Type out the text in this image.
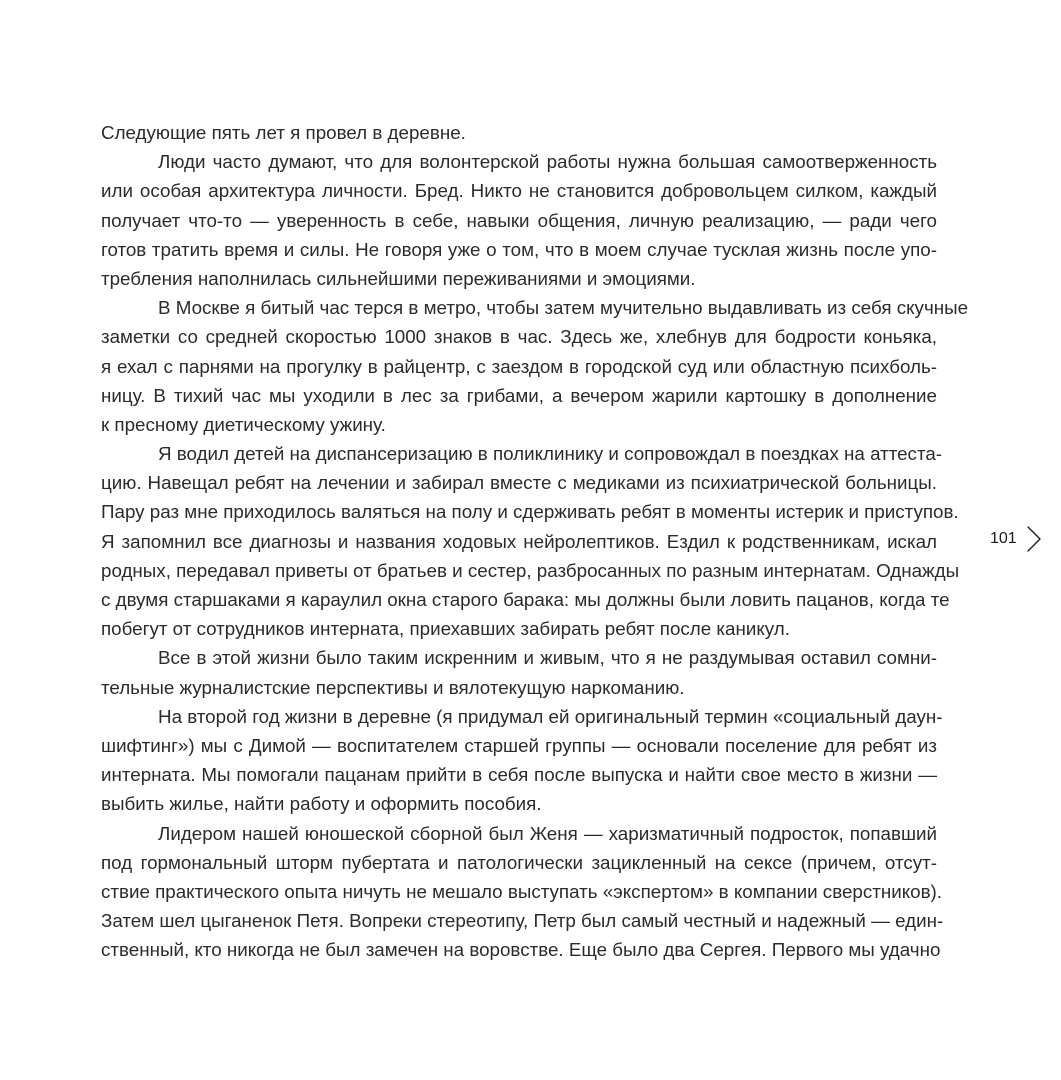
Следующие пять лет я провел в деревне.
Люди часто думают, что для волонтерской работы нужна большая самоотверженность
или особая архитектура личности. Бред. Никто не становится добровольцем силком, каждый
получает что-то — уверенность в себе, навыки общения, личную реализацию, — ради чего
готов тратить время и силы. Не говоря уже о том, что в моем случае тусклая жизнь после упо-
требления наполнилась сильнейшими переживаниями и эмоциями.
В Москве я битый час терся в метро, чтобы затем мучительно выдавливать из себя скучные
заметки со средней скоростью 1000 знаков в час. Здесь же, хлебнув для бодрости коньяка,
я ехал с парнями на прогулку в райцентр, с заездом в городской суд или областную психболь-
ницу. В тихий час мы уходили в лес за грибами, а вечером жарили картошку в дополнение
к пресному диетическому ужину.
Я водил детей на диспансеризацию в поликлинику и сопровождал в поездках на аттеста-
цию. Навещал ребят на лечении и забирал вместе с медиками из психиатрической больницы.
Пару раз мне приходилось валяться на полу и сдерживать ребят в моменты истерик и приступов.
Я запомнил все диагнозы и названия ходовых нейролептиков. Ездил к родственникам, искал
родных, передавал приветы от братьев и сестер, разбросанных по разным интернатам. Однажды
с двумя старшаками я караулил окна старого барака: мы должны были ловить пацанов, когда те
побегут от сотрудников интерната, приехавших забирать ребят после каникул.
Все в этой жизни было таким искренним и живым, что я не раздумывая оставил сомни-
тельные журналистские перспективы и вялотекущую наркоманию.
На второй год жизни в деревне (я придумал ей оригинальный термин «социальный даун-
шифтинг») мы с Димой — воспитателем старшей группы — основали поселение для ребят из
интерната. Мы помогали пацанам прийти в себя после выпуска и найти свое место в жизни —
выбить жилье, найти работу и оформить пособия.
Лидером нашей юношеской сборной был Женя — харизматичный подросток, попавший
под гормональный шторм пубертата и патологически зацикленный на сексе (причем, отсут-
ствие практического опыта ничуть не мешало выступать «экспертом» в компании сверстников).
Затем шел цыганенок Петя. Вопреки стереотипу, Петр был самый честный и надежный — един-
ственный, кто никогда не был замечен на воровстве. Еще было два Сергея. Первого мы удачно
101
